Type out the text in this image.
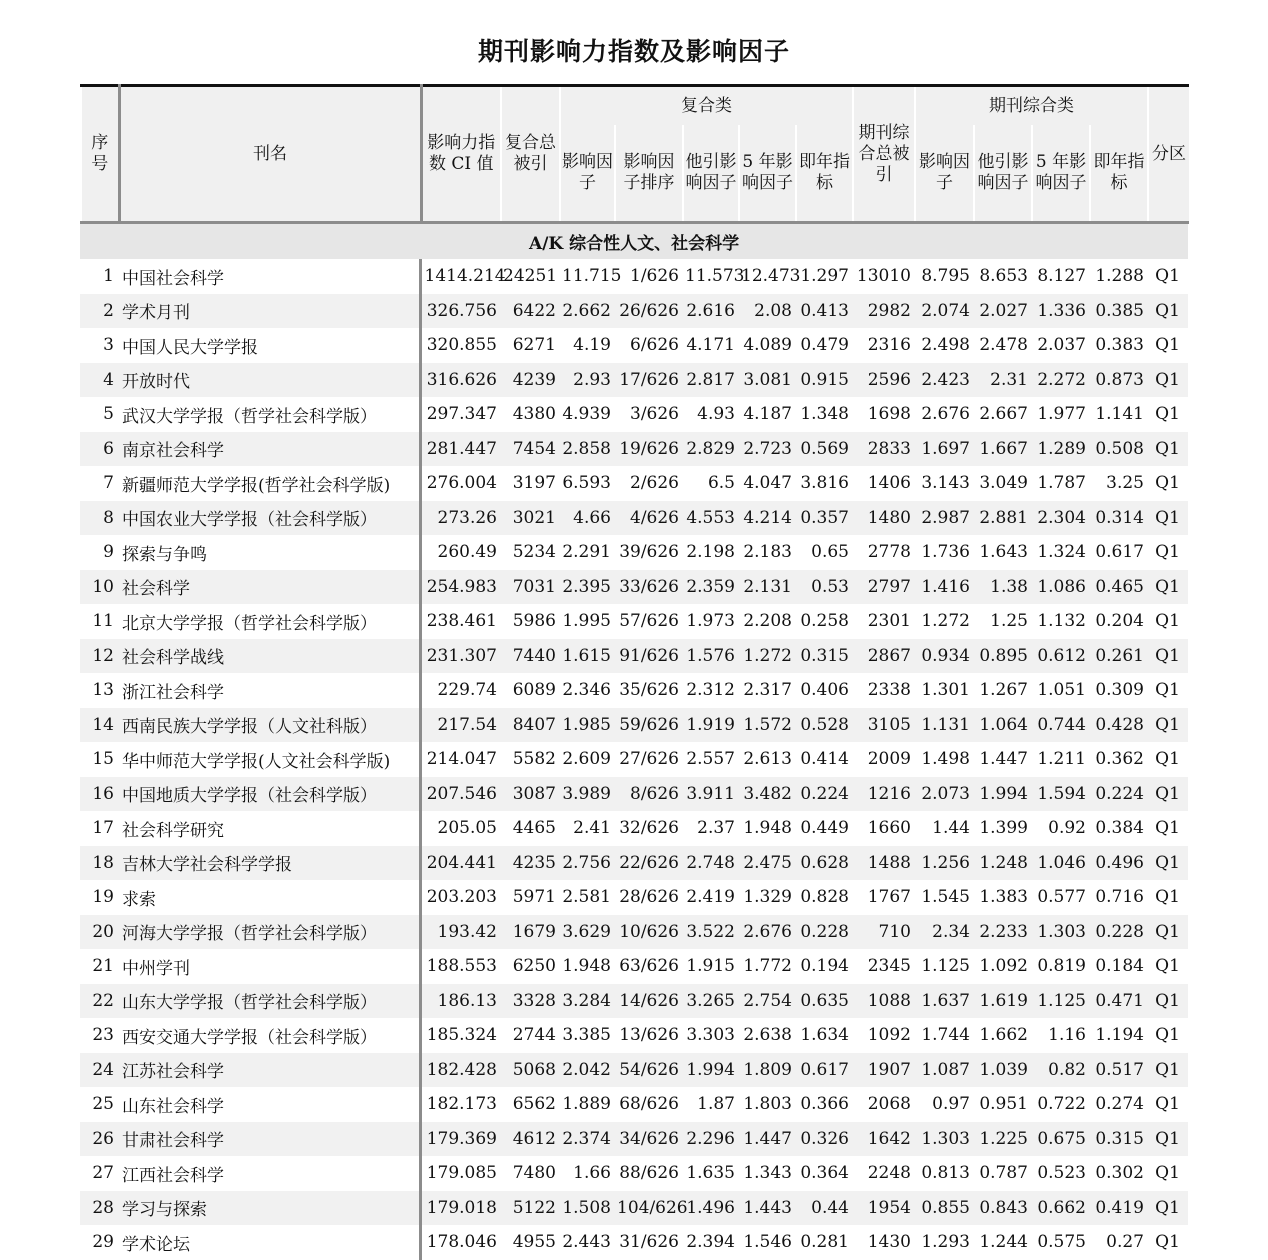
期刊影响力指数及影响因子
序号	刊名	影响力指数 CI 值	复合总被引	复合类					期刊综合总被引	期刊综合类				分区
				影响因子	影响因子排序	他引影响因子	5 年影响因子	即年指标		影响因子	他引影响因子	5 年影响因子	即年指标	
A/K 综合性人文、社会科学														
1	中国社会科学	1414.214	24251	11.715	1/626	11.573	12.473	1.297	13010	8.795	8.653	8.127	1.288	Q1
2	学术月刊	326.756	6422	2.662	26/626	2.616	2.08	0.413	2982	2.074	2.027	1.336	0.385	Q1
3	中国人民大学学报	320.855	6271	4.19	6/626	4.171	4.089	0.479	2316	2.498	2.478	2.037	0.383	Q1
4	开放时代	316.626	4239	2.93	17/626	2.817	3.081	0.915	2596	2.423	2.31	2.272	0.873	Q1
5	武汉大学学报（哲学社会科学版）	297.347	4380	4.939	3/626	4.93	4.187	1.348	1698	2.676	2.667	1.977	1.141	Q1
6	南京社会科学	281.447	7454	2.858	19/626	2.829	2.723	0.569	2833	1.697	1.667	1.289	0.508	Q1
7	新疆师范大学学报(哲学社会科学版)	276.004	3197	6.593	2/626	6.5	4.047	3.816	1406	3.143	3.049	1.787	3.25	Q1
8	中国农业大学学报（社会科学版）	273.26	3021	4.66	4/626	4.553	4.214	0.357	1480	2.987	2.881	2.304	0.314	Q1
9	探索与争鸣	260.49	5234	2.291	39/626	2.198	2.183	0.65	2778	1.736	1.643	1.324	0.617	Q1
10	社会科学	254.983	7031	2.395	33/626	2.359	2.131	0.53	2797	1.416	1.38	1.086	0.465	Q1
11	北京大学学报（哲学社会科学版）	238.461	5986	1.995	57/626	1.973	2.208	0.258	2301	1.272	1.25	1.132	0.204	Q1
12	社会科学战线	231.307	7440	1.615	91/626	1.576	1.272	0.315	2867	0.934	0.895	0.612	0.261	Q1
13	浙江社会科学	229.74	6089	2.346	35/626	2.312	2.317	0.406	2338	1.301	1.267	1.051	0.309	Q1
14	西南民族大学学报（人文社科版）	217.54	8407	1.985	59/626	1.919	1.572	0.528	3105	1.131	1.064	0.744	0.428	Q1
15	华中师范大学学报(人文社会科学版)	214.047	5582	2.609	27/626	2.557	2.613	0.414	2009	1.498	1.447	1.211	0.362	Q1
16	中国地质大学学报（社会科学版）	207.546	3087	3.989	8/626	3.911	3.482	0.224	1216	2.073	1.994	1.594	0.224	Q1
17	社会科学研究	205.05	4465	2.41	32/626	2.37	1.948	0.449	1660	1.44	1.399	0.92	0.384	Q1
18	吉林大学社会科学学报	204.441	4235	2.756	22/626	2.748	2.475	0.628	1488	1.256	1.248	1.046	0.496	Q1
19	求索	203.203	5971	2.581	28/626	2.419	1.329	0.828	1767	1.545	1.383	0.577	0.716	Q1
20	河海大学学报（哲学社会科学版）	193.42	1679	3.629	10/626	3.522	2.676	0.228	710	2.34	2.233	1.303	0.228	Q1
21	中州学刊	188.553	6250	1.948	63/626	1.915	1.772	0.194	2345	1.125	1.092	0.819	0.184	Q1
22	山东大学学报（哲学社会科学版）	186.13	3328	3.284	14/626	3.265	2.754	0.635	1088	1.637	1.619	1.125	0.471	Q1
23	西安交通大学学报（社会科学版）	185.324	2744	3.385	13/626	3.303	2.638	1.634	1092	1.744	1.662	1.16	1.194	Q1
24	江苏社会科学	182.428	5068	2.042	54/626	1.994	1.809	0.617	1907	1.087	1.039	0.82	0.517	Q1
25	山东社会科学	182.173	6562	1.889	68/626	1.87	1.803	0.366	2068	0.97	0.951	0.722	0.274	Q1
26	甘肃社会科学	179.369	4612	2.374	34/626	2.296	1.447	0.326	1642	1.303	1.225	0.675	0.315	Q1
27	江西社会科学	179.085	7480	1.66	88/626	1.635	1.343	0.364	2248	0.813	0.787	0.523	0.302	Q1
28	学习与探索	179.018	5122	1.508	104/626	1.496	1.443	0.44	1954	0.855	0.843	0.662	0.419	Q1
29	学术论坛	178.046	4955	2.443	31/626	2.394	1.546	0.281	1430	1.293	1.244	0.575	0.27	Q1
